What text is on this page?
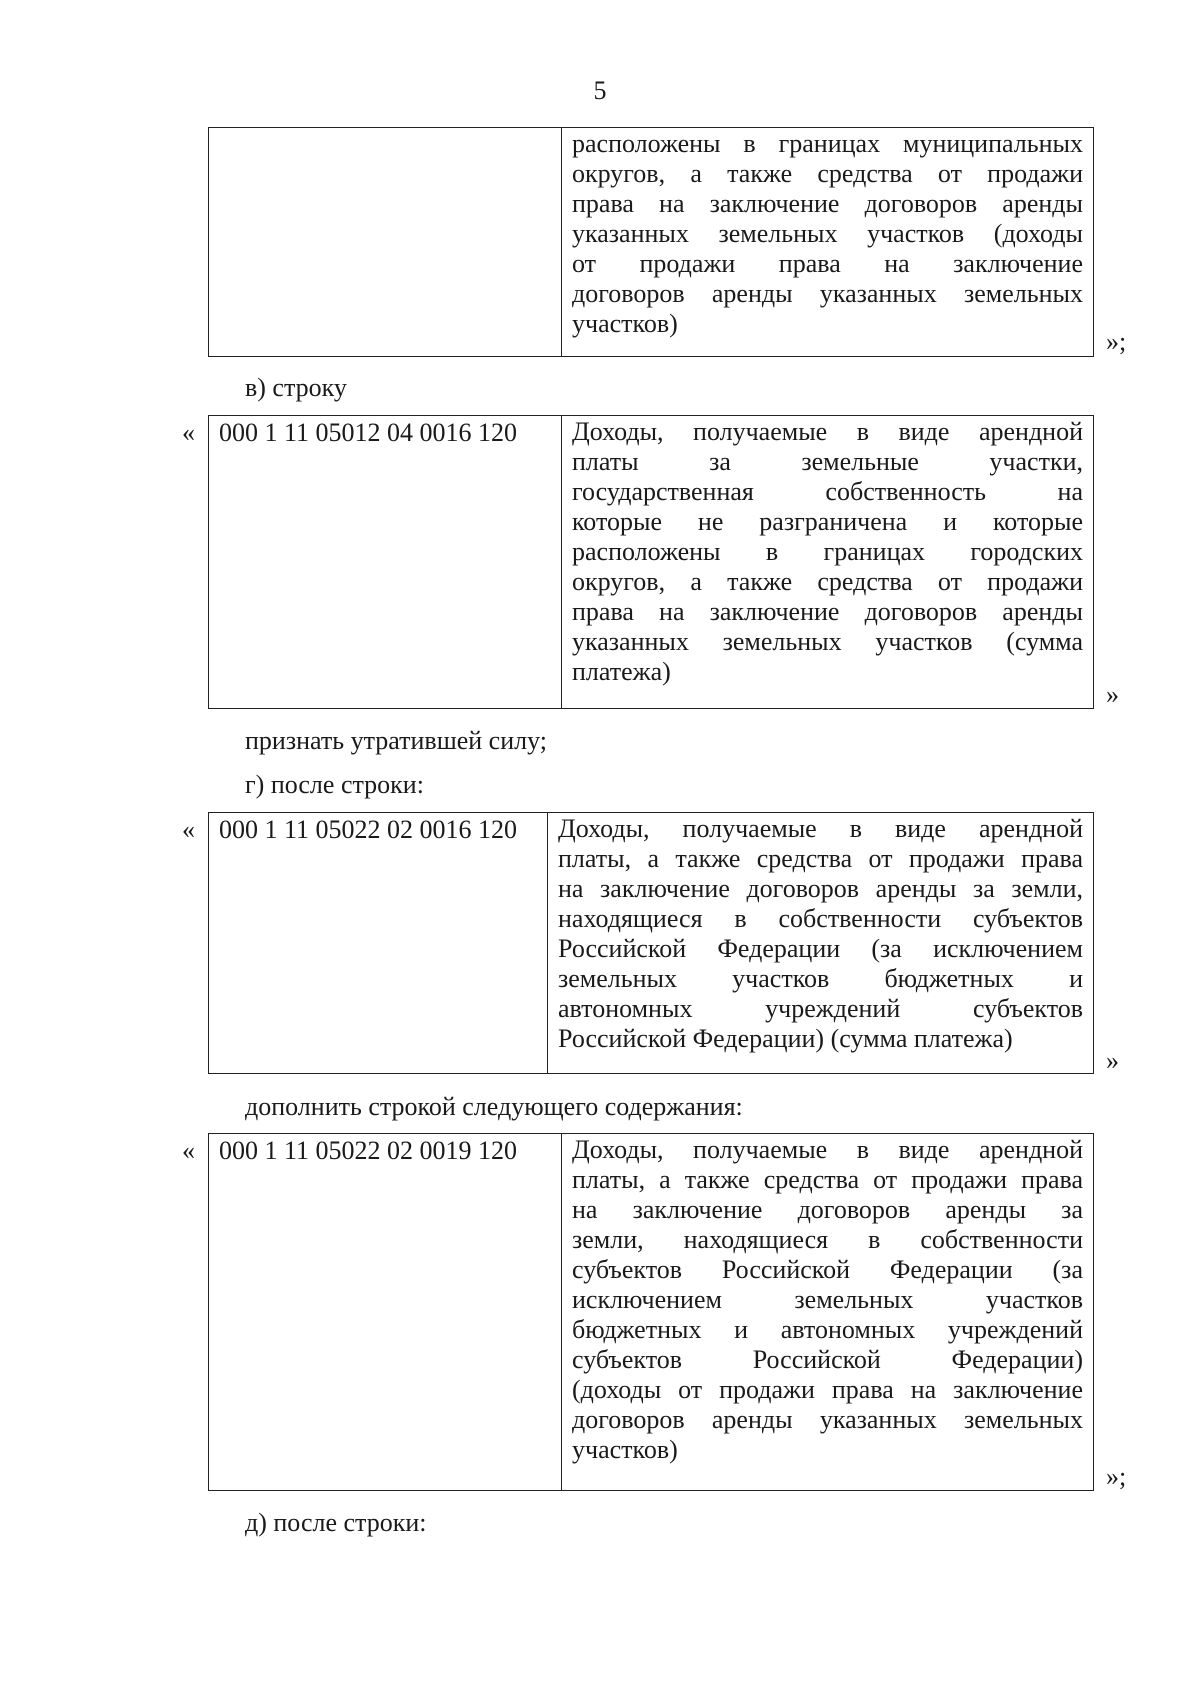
5
расположены в границах муниципальных
округов, а также средства от продажи
права на заключение договоров аренды
указанных земельных участков (доходы
от продажи права на заключение
договоров аренды указанных земельных
участков)
»;
в) строку
« 000 1 11 05012 04 0016 120	Доходы, получаемые в виде арендной
платы за земельные участки,
государственная собственность на
которые не разграничена и которые
расположены в границах городских
округов, а также средства от продажи
права на заключение договоров аренды
указанных земельных участков (сумма
платежа)
»
признать утратившей силу;
г) после строки:
« 000 1 11 05022 02 0016 120	Доходы, получаемые в виде арендной
платы, а также средства от продажи права
на заключение договоров аренды за земли,
находящиеся в собственности субъектов
Российской Федерации (за исключением
земельных участков бюджетных и
автономных учреждений субъектов
Российской Федерации) (сумма платежа)
»
дополнить строкой следующего содержания:
« 000 1 11 05022 02 0019 120	Доходы, получаемые в виде арендной
платы, а также средства от продажи права
на заключение договоров аренды за
земли, находящиеся в собственности
субъектов Российской Федерации (за
исключением земельных участков
бюджетных и автономных учреждений
субъектов Российской Федерации)
(доходы от продажи права на заключение
договоров аренды указанных земельных
участков)
»;
д) после строки:
